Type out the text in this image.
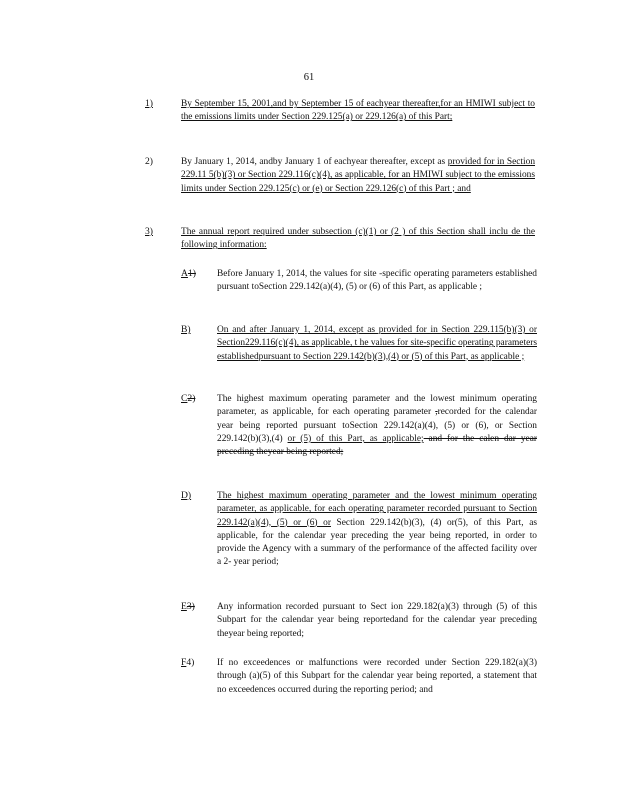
61
1)	By September 15, 2001,and by September 15 of eachyear thereafter,for an HMIWI subject to the emissions limits under Section 229.125(a) or 229.126(a) of this Part;
2)	By January 1, 2014, andby January 1 of eachyear thereafter, except as provided for in Section 229.11 5(b)(3) or Section 229.116(c)(4), as applicable, for an HMIWI subject to the emissions limits under Section 229.125(c) or (e) or Section 229.126(c) of this Part ; and
3)	The annual report required under subsection (c)(1) or (2 ) of this Section shall inclu de the following information:
A1) Before January 1, 2014, the values for site -specific operating parameters established pursuant toSection 229.142(a)(4), (5) or (6) of this Part, as applicable ;
B)	On and after January 1, 2014, except as provided for in Section 229.115(b)(3) or Section229.116(c)(4), as applicable, t he values for site-specific operating parameters establishedpursuant to Section 229.142(b)(3),(4) or (5) of this Part, as applicable ;
C2) The highest maximum operating parameter and the lowest minimum operating parameter, as applicable, for each operating parameter ,recorded for the calendar year being reported pursuant toSection 229.142(a)(4), (5) or (6), or Section 229.142(b)(3),(4) or (5) of this Part, as applicable; and for the calen dar year preceding theyear being reported;
D)	The highest maximum operating parameter and the lowest minimum operating parameter, as applicable, for each operating parameter recorded pursuant to Section 229.142(a)(4), (5) or (6) or Section 229.142(b)(3), (4) or(5), of this Part, as applicable, for the calendar year preceding the year being reported, in order to provide the Agency with a summary of the performance of the affected facility over a 2- year period;
E3) Any information recorded pursuant to Sect ion 229.182(a)(3) through (5) of this Subpart for the calendar year being reportedand for the calendar year preceding theyear being reported;
F4) If no exceedences or malfunctions were recorded under Section 229.182(a)(3) through (a)(5) of this Subpart for the calendar year being reported, a statement that no exceedences occurred during the reporting period; and
